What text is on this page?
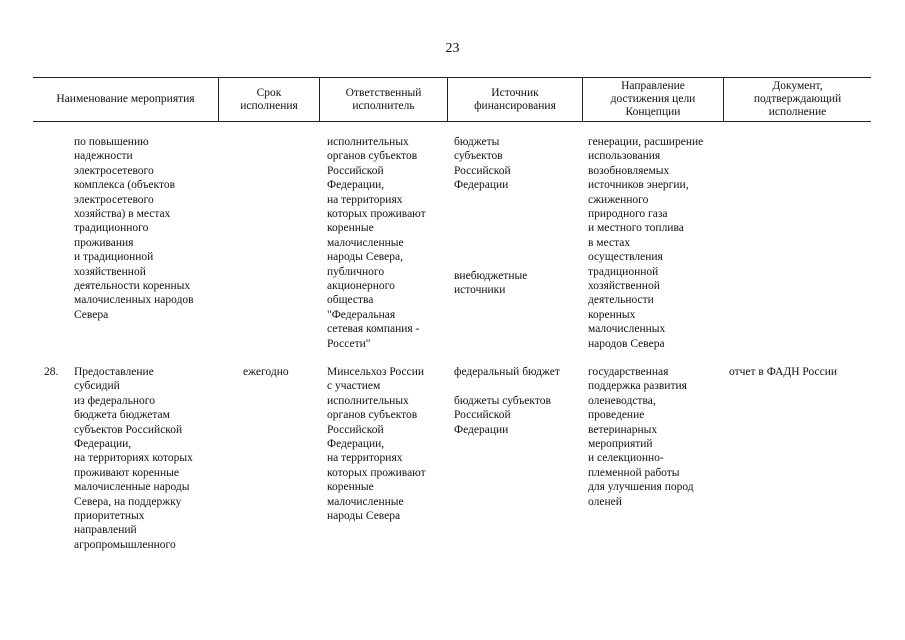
23
Наименование мероприятия
Срок
исполнения
Ответственный
исполнитель
Источник
финансирования
Направление
достижения цели
Концепции
Документ,
подтверждающий
исполнение
по повышению
надежности
электросетевого
комплекса (объектов
электросетевого
хозяйства) в местах
традиционного
проживания
и традиционной
хозяйственной
деятельности коренных
малочисленных народов
Севера
исполнительных
органов субъектов
Российской
Федерации,
на территориях
которых проживают
коренные
малочисленные
народы Севера,
публичного
акционерного
общества
"Федеральная
сетевая компания -
Россети"
бюджеты
субъектов
Российской
Федерации
внебюджетные
источники
генерации, расширение
использования
возобновляемых
источников энергии,
сжиженного
природного газа
и местного топлива
в местах
осуществления
традиционной
хозяйственной
деятельности
коренных
малочисленных
народов Севера
28. Предоставление
субсидий
из федерального
бюджета бюджетам
субъектов Российской
Федерации,
на территориях которых
проживают коренные
малочисленные народы
Севера, на поддержку
приоритетных
направлений
агропромышленного
ежегодно	Минсельхоз России
с участием
исполнительных
органов субъектов
Российской
Федерации,
на территориях
которых проживают
коренные
малочисленные
народы Севера
федеральный бюджет
бюджеты субъектов
Российской
Федерации
государственная
поддержка развития
оленеводства,
проведение
ветеринарных
мероприятий
и селекционно-
племенной работы
для улучшения пород
оленей
отчет в ФАДН России
